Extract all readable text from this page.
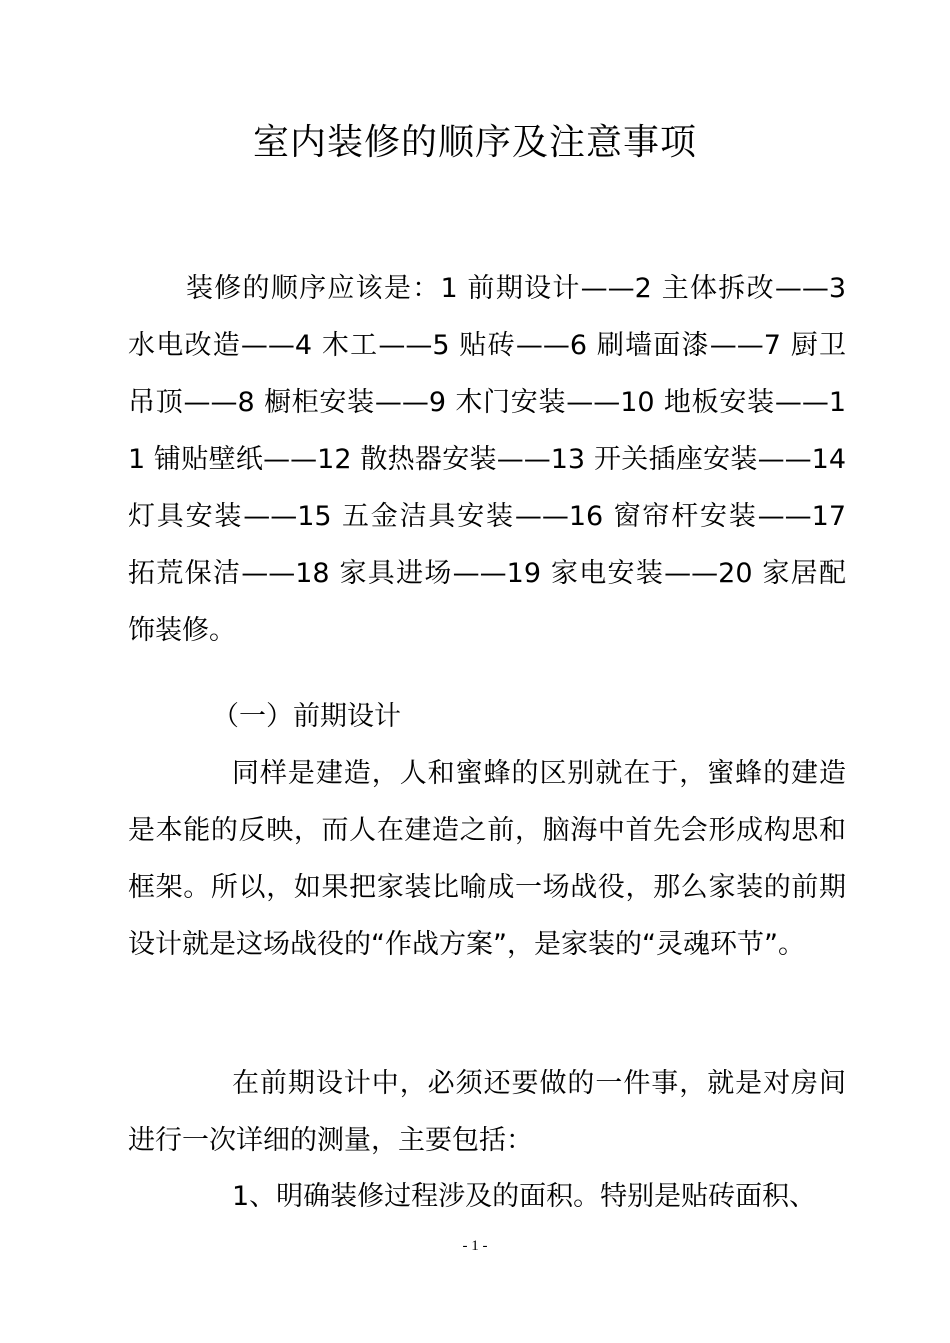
室内装修的顺序及注意事项

装修的顺序应该是：1 前期设计——2 主体拆改——3 水电改造——4 木工——5 贴砖——6 刷墙面漆——7 厨卫吊顶——8 橱柜安装——9 木门安装——10 地板安装——11 铺贴壁纸——12 散热器安装——13 开关插座安装——14 灯具安装——15 五金洁具安装——16 窗帘杆安装——17 拓荒保洁——18 家具进场——19 家电安装——20 家居配饰装修。

（一）前期设计

同样是建造，人和蜜蜂的区别就在于，蜜蜂的建造是本能的反映，而人在建造之前，脑海中首先会形成构思和框架。所以，如果把家装比喻成一场战役，那么家装的前期设计就是这场战役的“作战方案”，是家装的“灵魂环节”。

在前期设计中，必须还要做的一件事，就是对房间进行一次详细的测量，主要包括：

1、明确装修过程涉及的面积。特别是贴砖面积、

- 1 -
